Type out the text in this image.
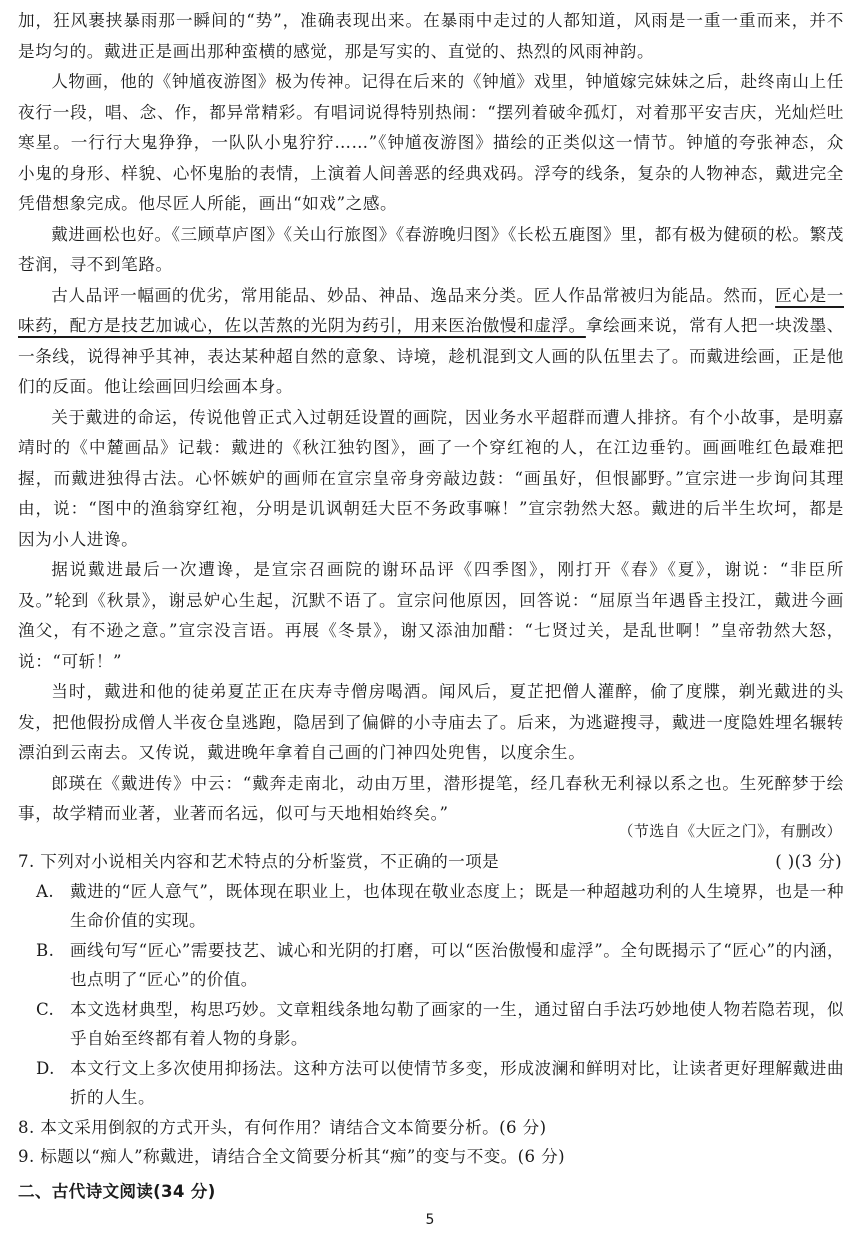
加，狂风裹挟暴雨那一瞬间的“势”，准确表现出来。在暴雨中走过的人都知道，风雨是一重一重而来，并不是均匀的。戴进正是画出那种蛮横的感觉，那是写实的、直觉的、热烈的风雨神韵。

人物画，他的《钟馗夜游图》极为传神。记得在后来的《钟馗》戏里，钟馗嫁完妹妹之后，赴终南山上任夜行一段，唱、念、作，都异常精彩。有唱词说得特别热闹：“摆列着破伞孤灯，对着那平安吉庆，光灿烂吐寒星。一行行大鬼狰狰，一队队小鬼狞狞……”《钟馗夜游图》描绘的正类似这一情节。钟馗的夸张神态，众小鬼的身形、样貌、心怀鬼胎的表情，上演着人间善恶的经典戏码。浮夸的线条，复杂的人物神态，戴进完全凭借想象完成。他尽匠人所能，画出“如戏”之感。

戴进画松也好。《三顾草庐图》《关山行旅图》《春游晚归图》《长松五鹿图》里，都有极为健硕的松。繁茂苍润，寻不到笔路。

古人品评一幅画的优劣，常用能品、妙品、神品、逸品来分类。匠人作品常被归为能品。然而，匠心是一味药，配方是技艺加诚心，佐以苦熬的光阴为药引，用来医治傲慢和虚浮。拿绘画来说，常有人把一块泼墨、一条线，说得神乎其神，表达某种超自然的意象、诗境，趁机混到文人画的队伍里去了。而戴进绘画，正是他们的反面。他让绘画回归绘画本身。

关于戴进的命运，传说他曾正式入过朝廷设置的画院，因业务水平超群而遭人排挤。有个小故事，是明嘉靖时的《中麓画品》记载：戴进的《秋江独钓图》，画了一个穿红袍的人，在江边垂钓。画画唯红色最难把握，而戴进独得古法。心怀嫉妒的画师在宣宗皇帝身旁敲边鼓：“画虽好，但恨鄙野。”宣宗进一步询问其理由，说：“图中的渔翁穿红袍，分明是讥讽朝廷大臣不务政事嘛！”宣宗勃然大怒。戴进的后半生坎坷，都是因为小人进谗。

据说戴进最后一次遭谗，是宣宗召画院的谢环品评《四季图》，刚打开《春》《夏》，谢说：“非臣所及。”轮到《秋景》，谢忌妒心生起，沉默不语了。宣宗问他原因，回答说：“屈原当年遇昏主投江，戴进今画渔父，有不逊之意。”宣宗没言语。再展《冬景》，谢又添油加醋：“七贤过关，是乱世啊！”皇帝勃然大怒，说：“可斩！”

当时，戴进和他的徒弟夏芷正在庆寿寺僧房喝酒。闻风后，夏芷把僧人灌醉，偷了度牒，剃光戴进的头发，把他假扮成僧人半夜仓皇逃跑，隐居到了偏僻的小寺庙去了。后来，为逃避搜寻，戴进一度隐姓埋名辗转漂泊到云南去。又传说，戴进晚年拿着自己画的门神四处兜售，以度余生。

郎瑛在《戴进传》中云：“戴奔走南北，动由万里，潜形提笔，经几春秋无利禄以系之也。生死醉梦于绘事，故学精而业著，业著而名远，似可与天地相始终矣。”

（节选自《大匠之门》，有删改）
7. 下列对小说相关内容和艺术特点的分析鉴赏，不正确的一项是	( )(3 分)
A. 戴进的“匠人意气”，既体现在职业上，也体现在敬业态度上；既是一种超越功利的人生境界，也是一种生命价值的实现。
B. 画线句写“匠心”需要技艺、诚心和光阴的打磨，可以“医治傲慢和虚浮”。全句既揭示了“匠心”的内涵，也点明了“匠心”的价值。
C. 本文选材典型，构思巧妙。文章粗线条地勾勒了画家的一生，通过留白手法巧妙地使人物若隐若现，似乎自始至终都有着人物的身影。
D. 本文行文上多次使用抑扬法。这种方法可以使情节多变，形成波澜和鲜明对比，让读者更好理解戴进曲折的人生。

8. 本文采用倒叙的方式开头，有何作用？请结合文本简要分析。(6 分)

9. 标题以“痴人”称戴进，请结合全文简要分析其“痴”的变与不变。(6 分)

二、古代诗文阅读(34 分)
5
